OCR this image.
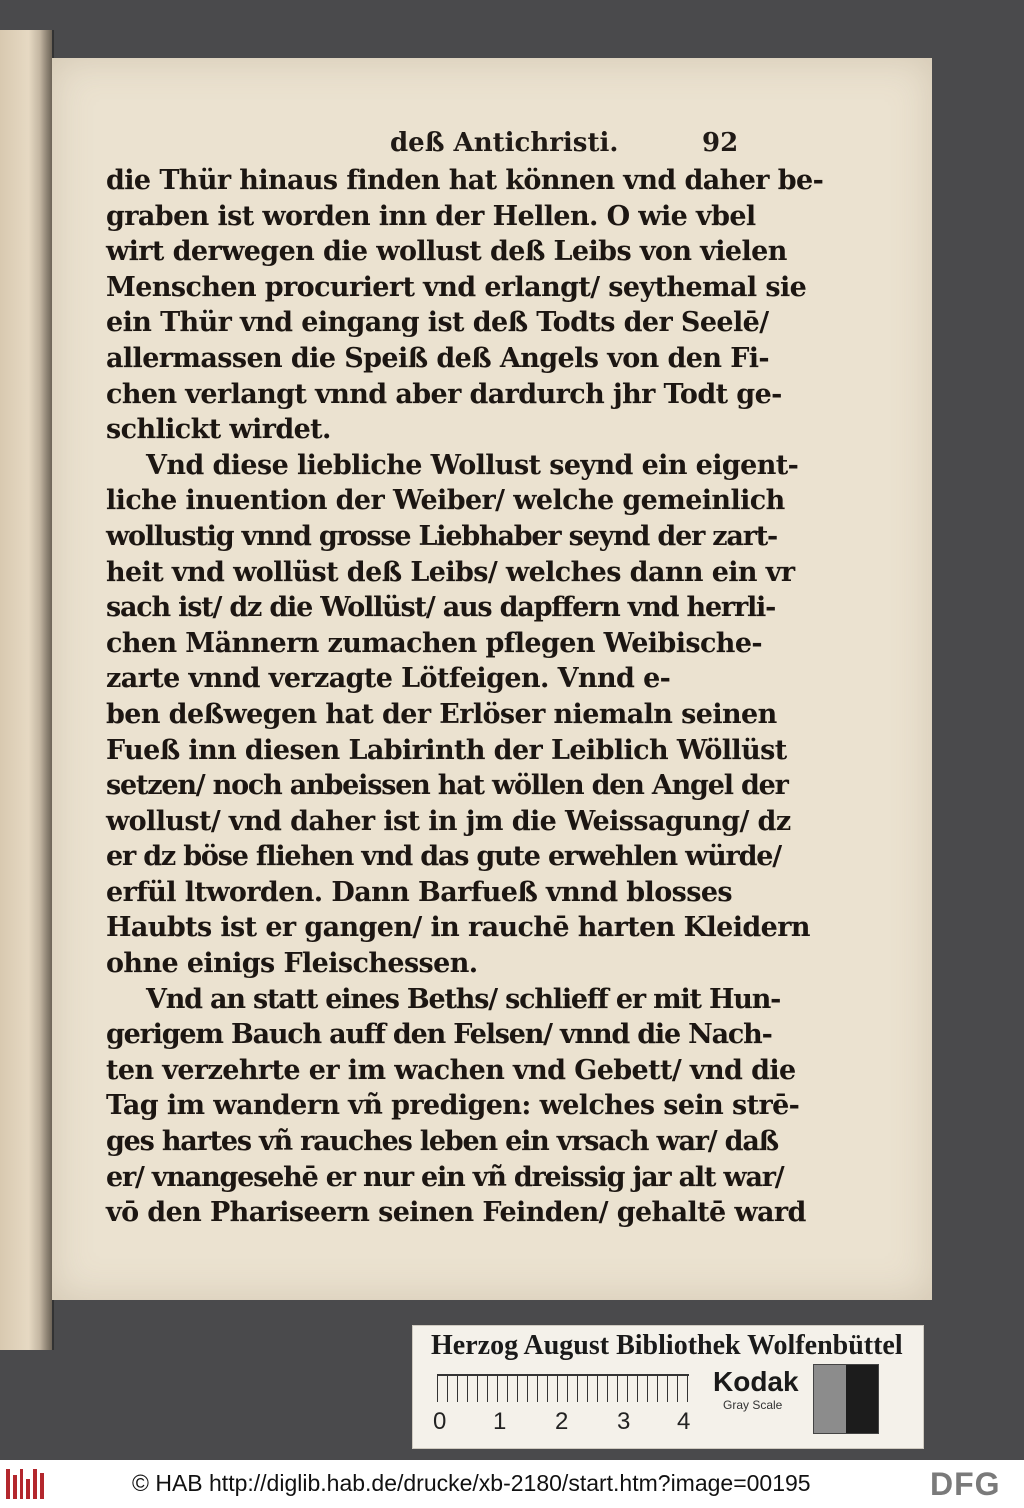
deß Antichristi.	92
die Thür hinaus finden hat können vnd daher be-
graben ist worden inn der Hellen. O wie vbel
wirt derwegen die wollust deß Leibs von vielen
Menschen procuriert vnd erlangt/ seythemal sie
ein Thür vnd eingang ist deß Todts der Seelē/
allermassen die Speiß deß Angels von den Fi-
chen verlangt vnnd aber dardurch jhr Todt ge-
schlickt wirdet.
Vnd diese liebliche Wollust seynd ein eigent-
liche inuention der Weiber/ welche gemeinlich
wollustig vnnd grosse Liebhaber seynd der zart-
heit vnd wollüst deß Leibs/ welches dann ein vr
sach ist/ dz die Wollüst/ aus dapffern vnd herrli-
chen Männern zumachen pflegen Weibische-
zarte vnnd verzagte Lötfeigen. Vnnd e-
ben deßwegen hat der Erlöser niemaln seinen
Fueß inn diesen Labirinth der Leiblich Wöllüst
setzen/ noch anbeissen hat wöllen den Angel der
wollust/ vnd daher ist in jm die Weissagung/ dz
er dz böse fliehen vnd das gute erwehlen würde/
erfül ltworden. Dann Barfueß vnnd blosses
Haubts ist er gangen/ in rauchē harten Kleidern
ohne einigs Fleischessen.
Vnd an statt eines Beths/ schlieff er mit Hun-
gerigem Bauch auff den Felsen/ vnnd die Nach-
ten verzehrte er im wachen vnd Gebett/ vnd die
Tag im wandern vñ predigen: welches sein strē-
ges hartes vñ rauches leben ein vrsach war/ daß
er/ vnangesehē er nur ein vñ dreissig jar alt war/
vō den Phariseern seinen Feinden/ gehaltē ward
Herzog August Bibliothek Wolfenbüttel
0 1 2 3 4
Kodak
Gray Scale
© HAB http://diglib.hab.de/drucke/xb-2180/start.htm?image=00195	DFG
